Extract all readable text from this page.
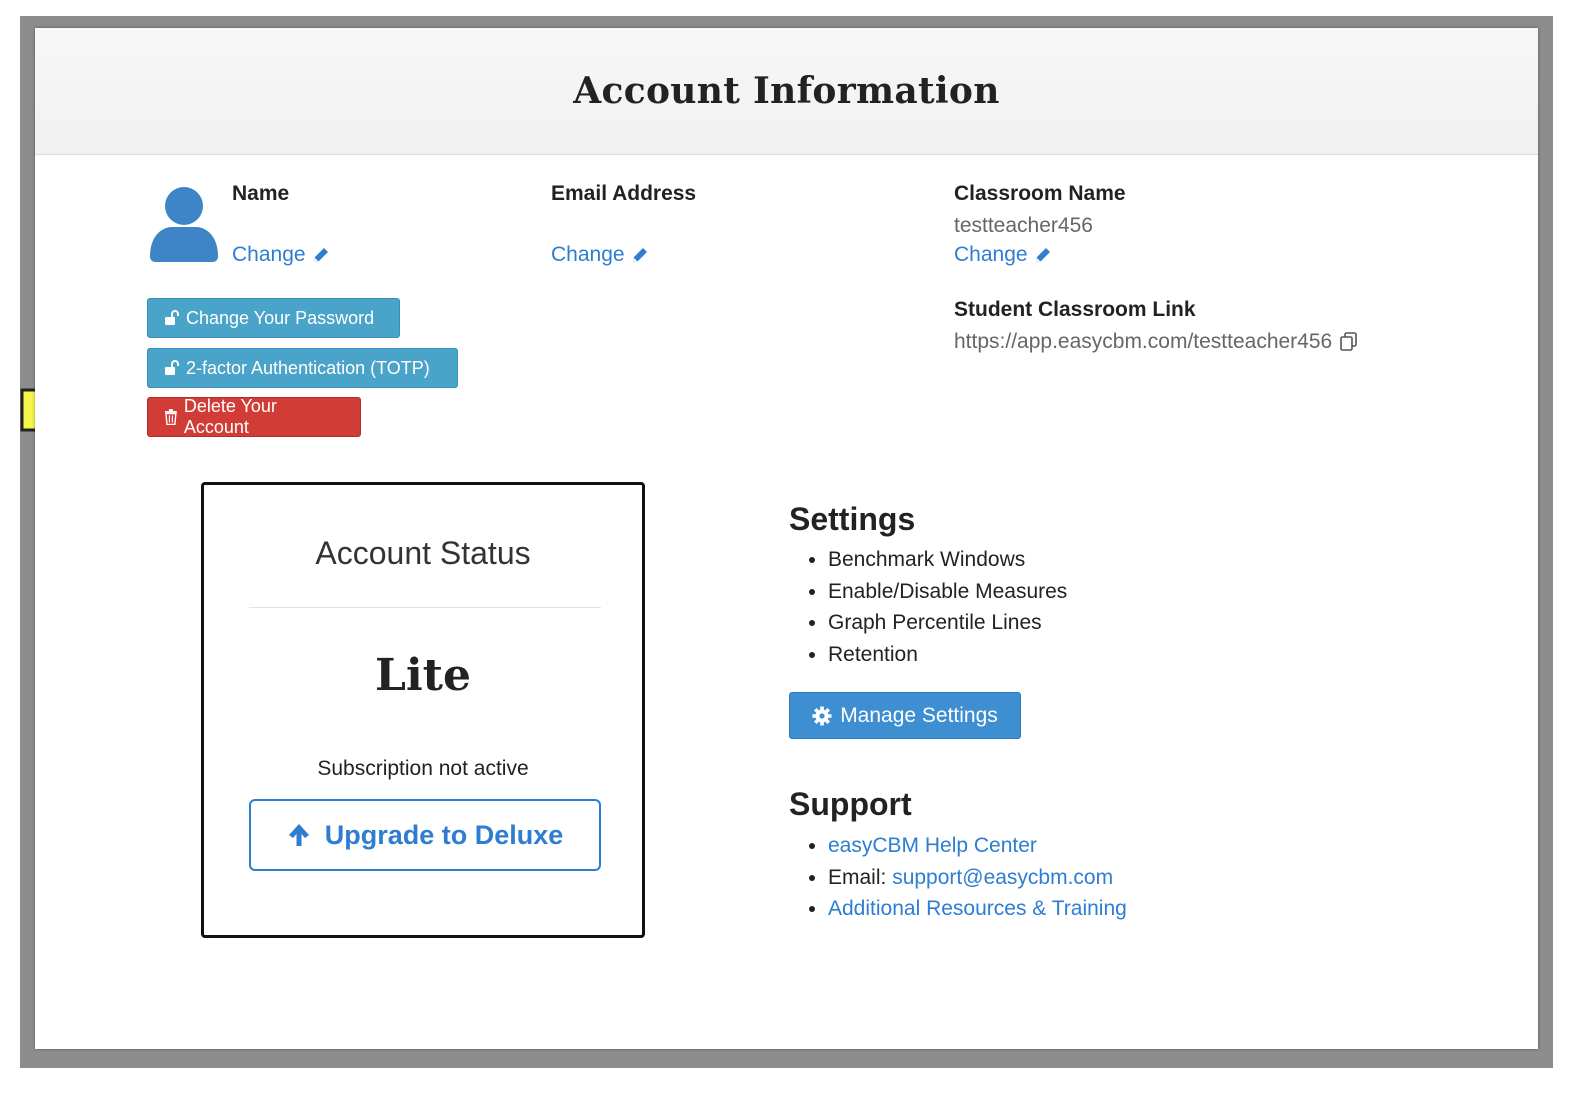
Account Information
Name
Change
Email Address
Change
Classroom Name
testteacher456
Change
Student Classroom Link
https://app.easycbm.com/testteacher456
Change Your Password
2-factor Authentication (TOTP)
Delete Your Account
Account Status
Lite
Subscription not active
Upgrade to Deluxe
Settings
• Benchmark Windows
• Enable/Disable Measures
• Graph Percentile Lines
• Retention
Manage Settings
Support
• easyCBM Help Center
• Email: support@easycbm.com
• Additional Resources & Training
